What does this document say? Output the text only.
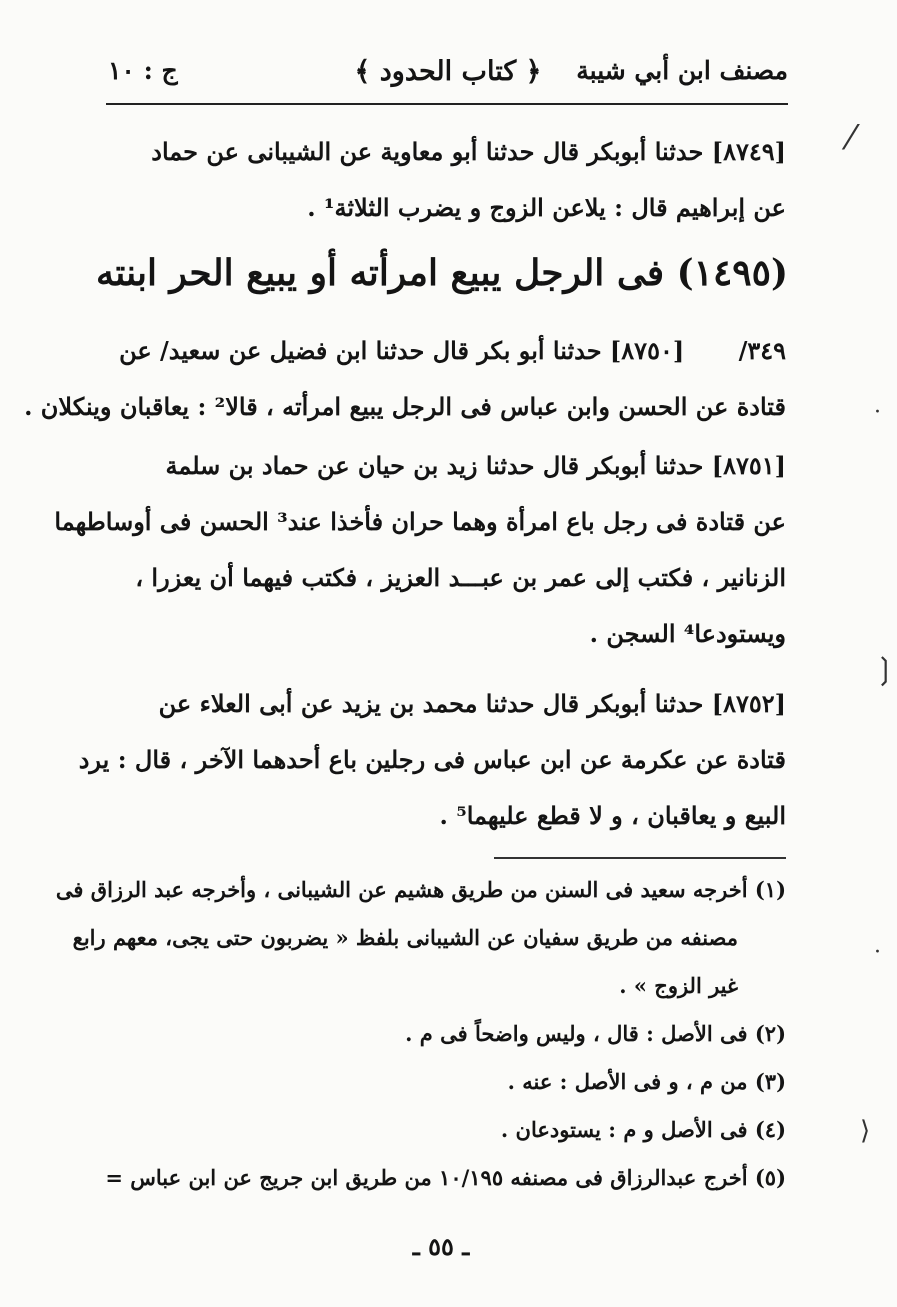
مصنف ابن أبي شيبة
﴿ كتاب الحدود ﴾
ج : ١٠
[٨٧٤٩] حدثنا أبوبكر قال حدثنا أبو معاوية عن الشيبانى عن حماد
عن إبراهيم قال : يلاعن الزوج و يضرب الثلاثة¹ .
(١٤٩٥) فى الرجل يبيع امرأته أو يبيع الحر ابنته
٣٤٩/ [٨٧٥٠] حدثنا أبو بكر قال حدثنا ابن فضيل عن سعيد/ عن
قتادة عن الحسن وابن عباس فى الرجل يبيع امرأته ، قالا² : يعاقبان وينكلان .
[٨٧٥١] حدثنا أبوبكر قال حدثنا زيد بن حيان عن حماد بن سلمة
عن قتادة فى رجل باع امرأة وهما حران فأخذا عند³ الحسن فى أوساطهما
الزنانير ، فكتب إلى عمر بن عبـــد العزيز ، فكتب فيهما أن يعزرا ،
ويستودعا⁴ السجن .
[٨٧٥٢] حدثنا أبوبكر قال حدثنا محمد بن يزيد عن أبى العلاء عن
قتادة عن عكرمة عن ابن عباس فى رجلين باع أحدهما الآخر ، قال : يرد
البيع و يعاقبان ، و لا قطع عليهما⁵ .
(١) أخرجه سعيد فى السنن من طريق هشيم عن الشيبانى ، وأخرجه عبد الرزاق فى
مصنفه من طريق سفيان عن الشيبانى بلفظ « يضربون حتى يجى، معهم رابع
غير الزوج » .
(٢) فى الأصل : قال ، وليس واضحاً فى م .
(٣) من م ، و فى الأصل : عنه .
(٤) فى الأصل و م : يستودعان .
(٥) أخرج عبدالرزاق فى مصنفه ١٠/١٩٥ من طريق ابن جريج عن ابن عباس =
ـ ٥٥ ـ
⁄
·
❳
·
⟩
